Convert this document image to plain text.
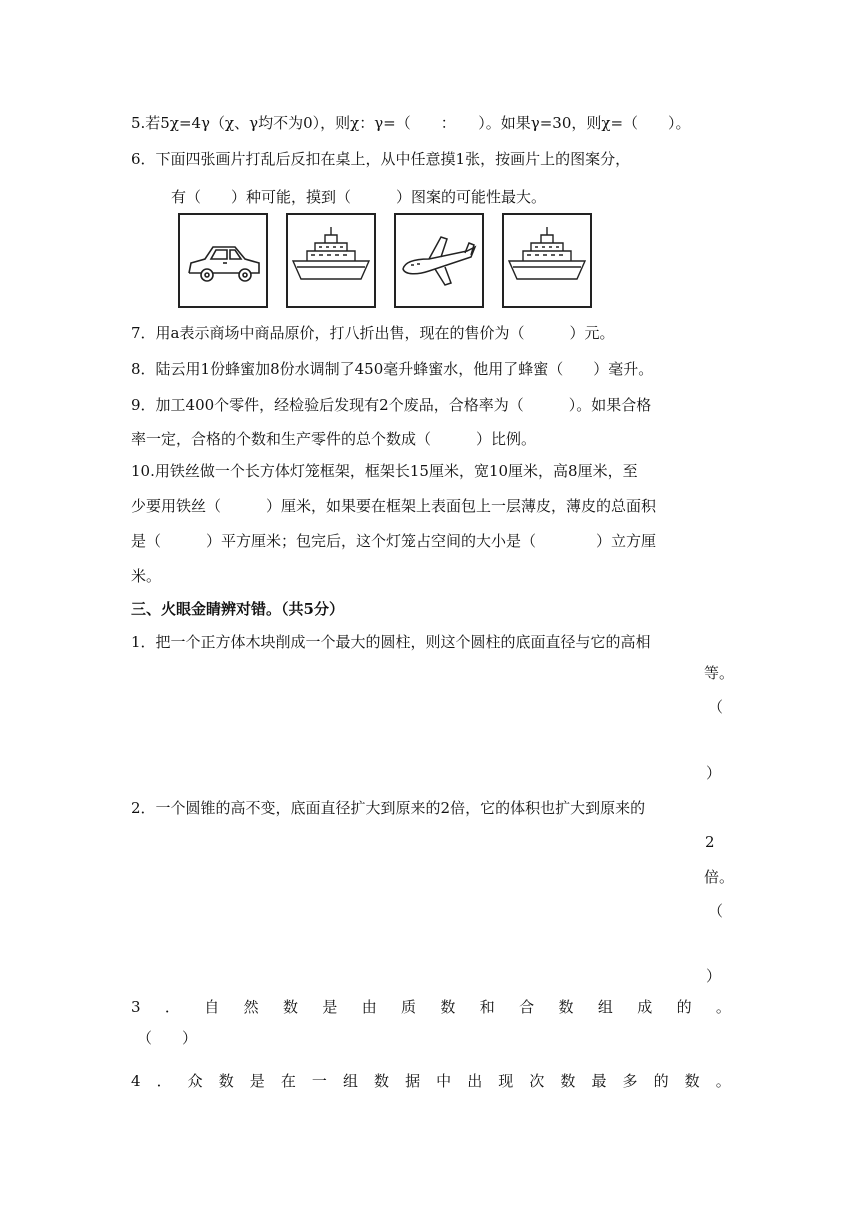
5.若5χ=4γ（χ、γ均不为0），则χ：γ=（　　：　　）。如果γ=30，则χ=（　　）。
6．下面四张画片打乱后反扣在桌上，从中任意摸1张，按画片上的图案分，
有（　　）种可能，摸到（　　　）图案的可能性最大。
7．用a表示商场中商品原价，打八折出售，现在的售价为（　　　）元。
8．陆云用1份蜂蜜加8份水调制了450毫升蜂蜜水，他用了蜂蜜（　　）毫升。
9．加工400个零件，经检验后发现有2个废品，合格率为（　　　）。如果合格
率一定，合格的个数和生产零件的总个数成（　　　）比例。
10.用铁丝做一个长方体灯笼框架，框架长15厘米，宽10厘米，高8厘米，至
少要用铁丝（　　　）厘米，如果要在框架上表面包上一层薄皮，薄皮的总面积
是（　　　）平方厘米；包完后，这个灯笼占空间的大小是（　　　　）立方厘
米。
三、火眼金睛辨对错。（共5分）
1．把一个正方体木块削成一个最大的圆柱，则这个圆柱的底面直径与它的高相
等。
（
）
2．一个圆锥的高不变，底面直径扩大到原来的2倍，它的体积也扩大到原来的
2
倍。
（
）
3 ． 自 然 数 是 由 质 数 和 合 数 组 成 的 。
（　　）
4 ． 众 数 是 在 一 组 数 据 中 出 现 次 数 最 多 的 数 。
